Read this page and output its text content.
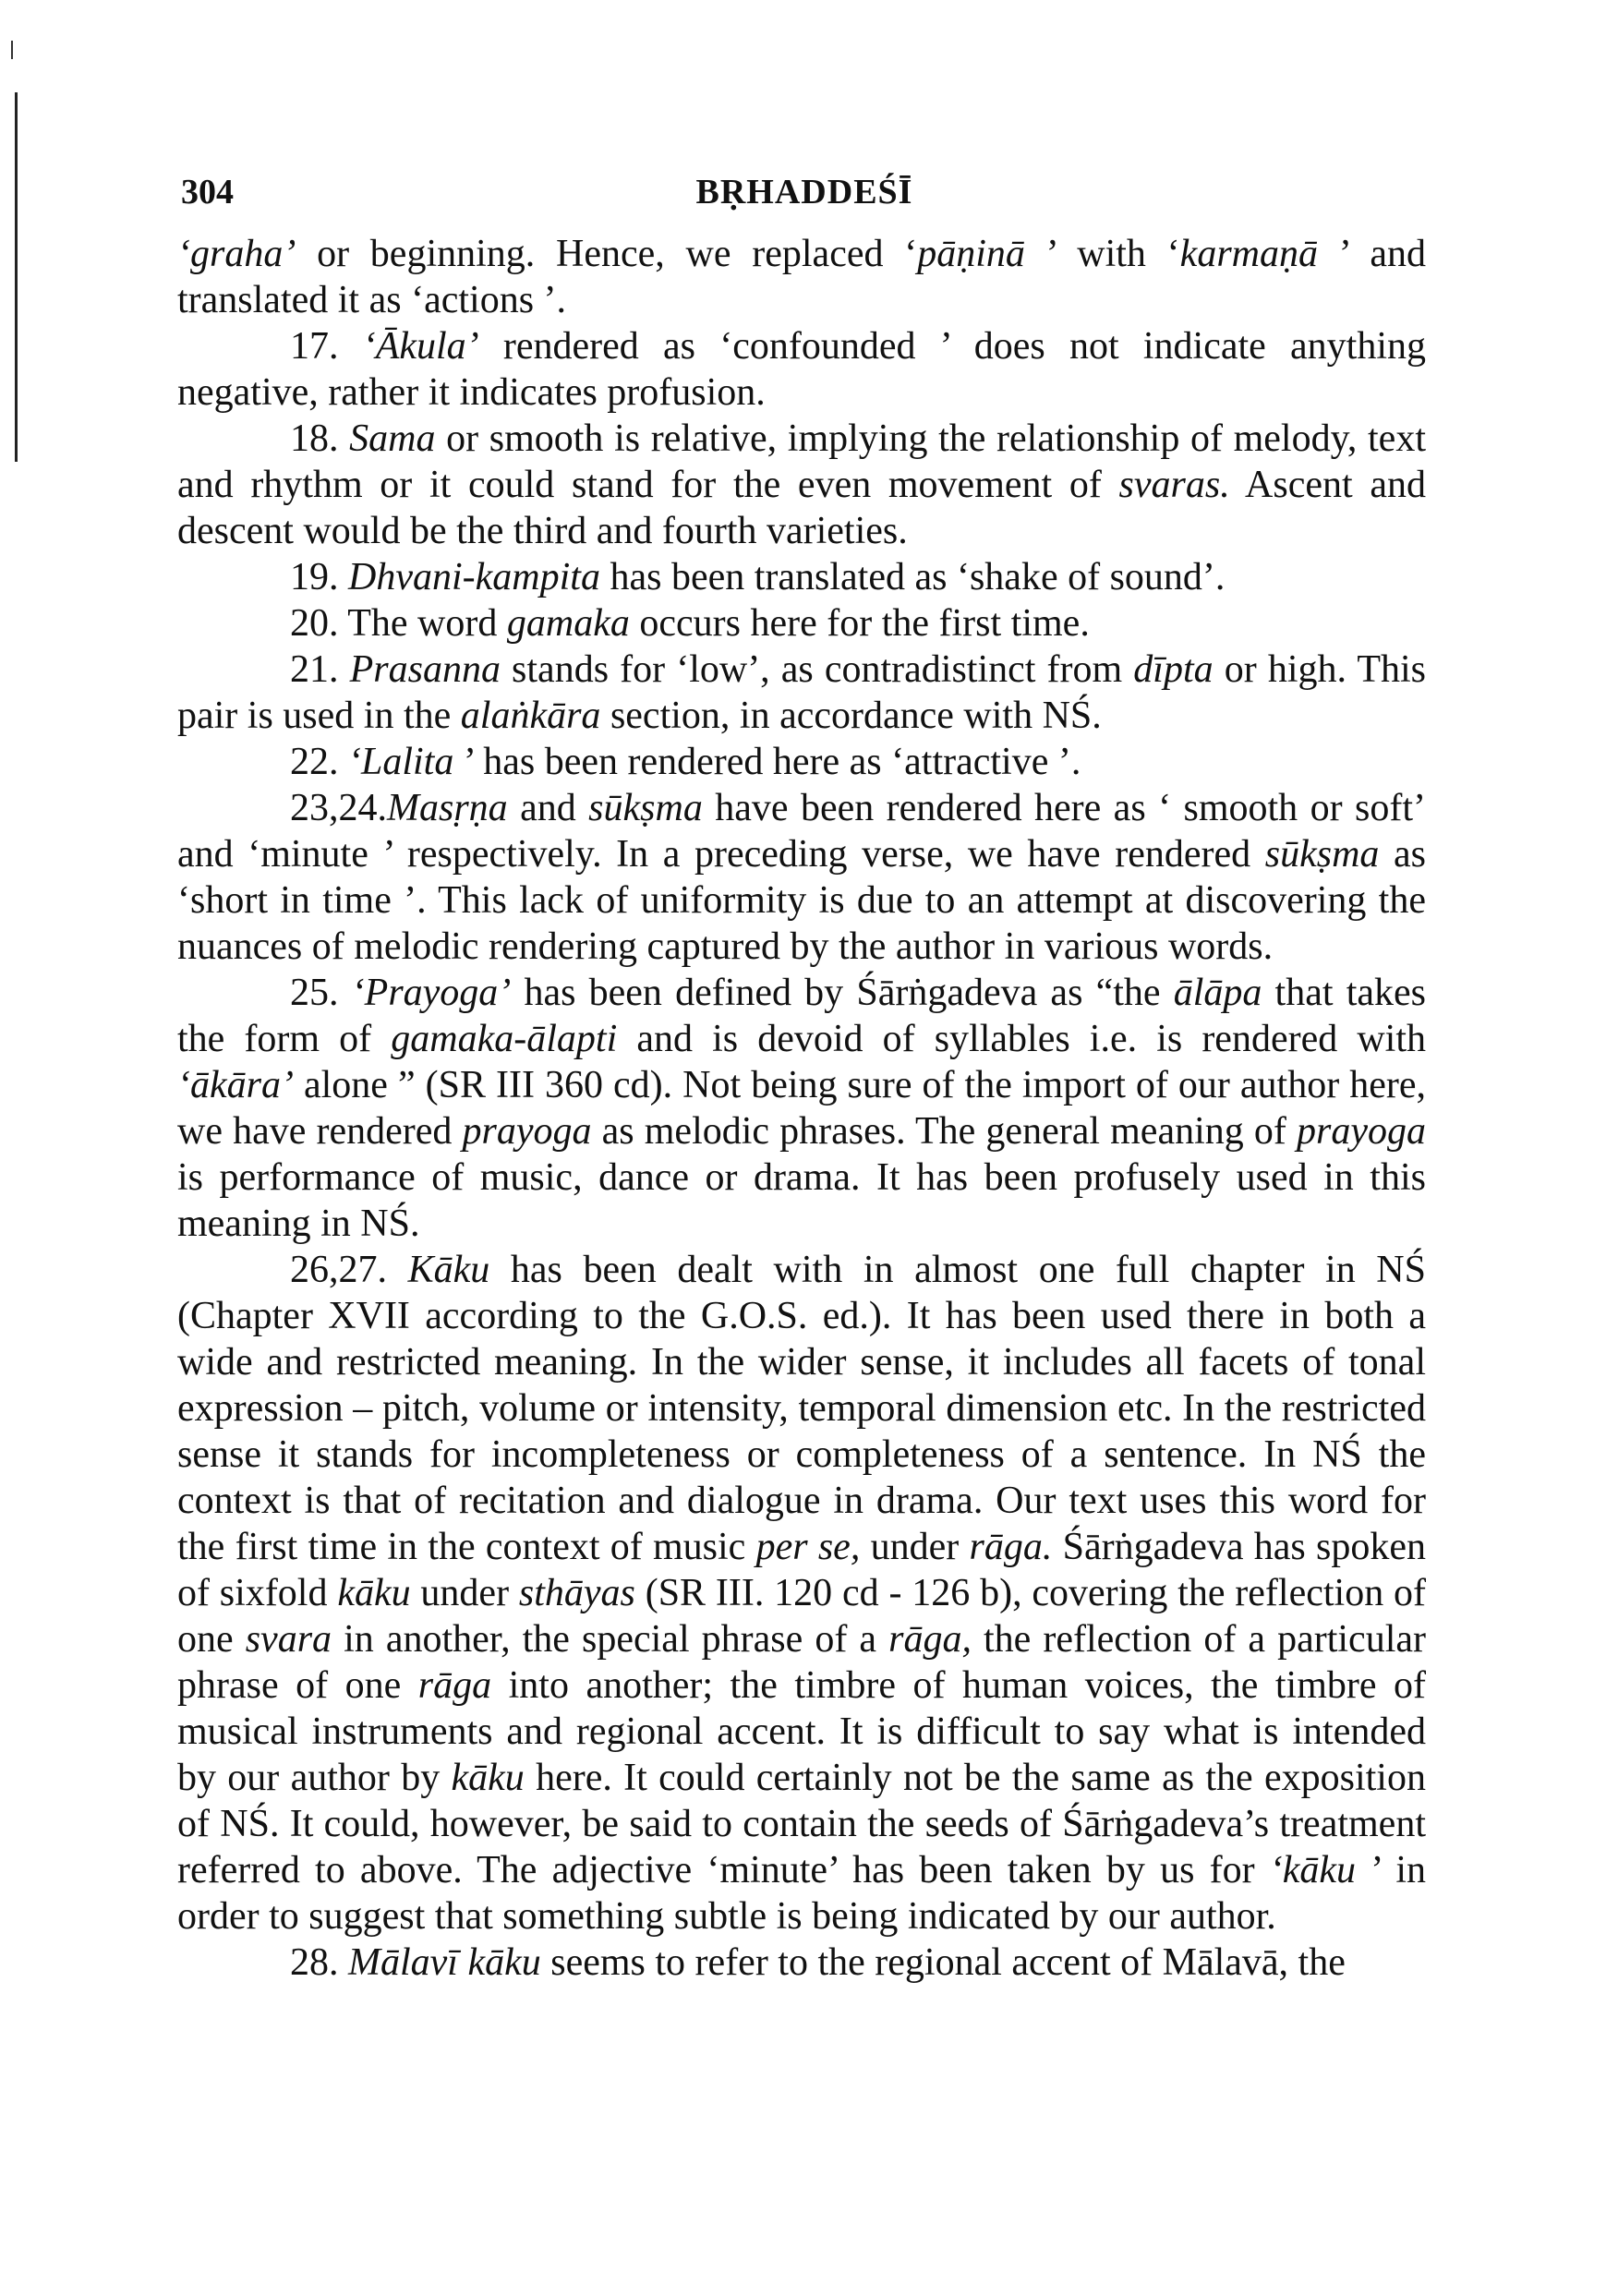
304	BṚHADDEŚĪ

‘graha’ or beginning. Hence, we replaced ‘pāṇinā ’ with ‘karmaṇā ’ and translated it as ‘actions ’.

17. ‘Ākula’ rendered as ‘confounded ’ does not indicate anything negative, rather it indicates profusion.

18. Sama or smooth is relative, implying the relationship of melody, text and rhythm or it could stand for the even movement of svaras. Ascent and descent would be the third and fourth varieties.

19. Dhvani-kampita has been translated as ‘shake of sound’.

20. The word gamaka occurs here for the first time.

21. Prasanna stands for ‘low’, as contradistinct from dīpta or high. This pair is used in the alaṅkāra section, in accordance with NŚ.

22. ‘Lalita ’ has been rendered here as ‘attractive ’.

23,24.Masṛṇa and sūkṣma have been rendered here as ‘ smooth or soft’ and ‘minute ’ respectively. In a preceding verse, we have rendered sūkṣma as ‘short in time ’. This lack of uniformity is due to an attempt at discovering the nuances of melodic rendering captured by the author in various words.

25. ‘Prayoga’ has been defined by Śārṅgadeva as “the ālāpa that takes the form of gamaka-ālapti and is devoid of syllables i.e. is rendered with ‘ākāra’ alone ” (SR III 360 cd). Not being sure of the import of our author here, we have rendered prayoga as melodic phrases. The general meaning of prayoga is performance of music, dance or drama. It has been profusely used in this meaning in NŚ.

26,27. Kāku has been dealt with in almost one full chapter in NŚ (Chapter XVII according to the G.O.S. ed.). It has been used there in both a wide and restricted meaning. In the wider sense, it includes all facets of tonal expression – pitch, volume or intensity, temporal dimension etc. In the restricted sense it stands for incompleteness or completeness of a sentence. In NŚ the context is that of recitation and dialogue in drama. Our text uses this word for the first time in the context of music per se, under rāga. Śārṅgadeva has spoken of sixfold kāku under sthāyas (SR III. 120 cd - 126 b), covering the reflection of one svara in another, the special phrase of a rāga, the reflection of a particular phrase of one rāga into another; the timbre of human voices, the timbre of musical instruments and regional accent. It is difficult to say what is intended by our author by kāku here. It could certainly not be the same as the exposition of NŚ. It could, however, be said to contain the seeds of Śārṅgadeva’s treatment referred to above. The adjective ‘minute’ has been taken by us for ‘kāku ’ in order to suggest that something subtle is being indicated by our author.

28. Mālavī kāku seems to refer to the regional accent of Mālavā, the
